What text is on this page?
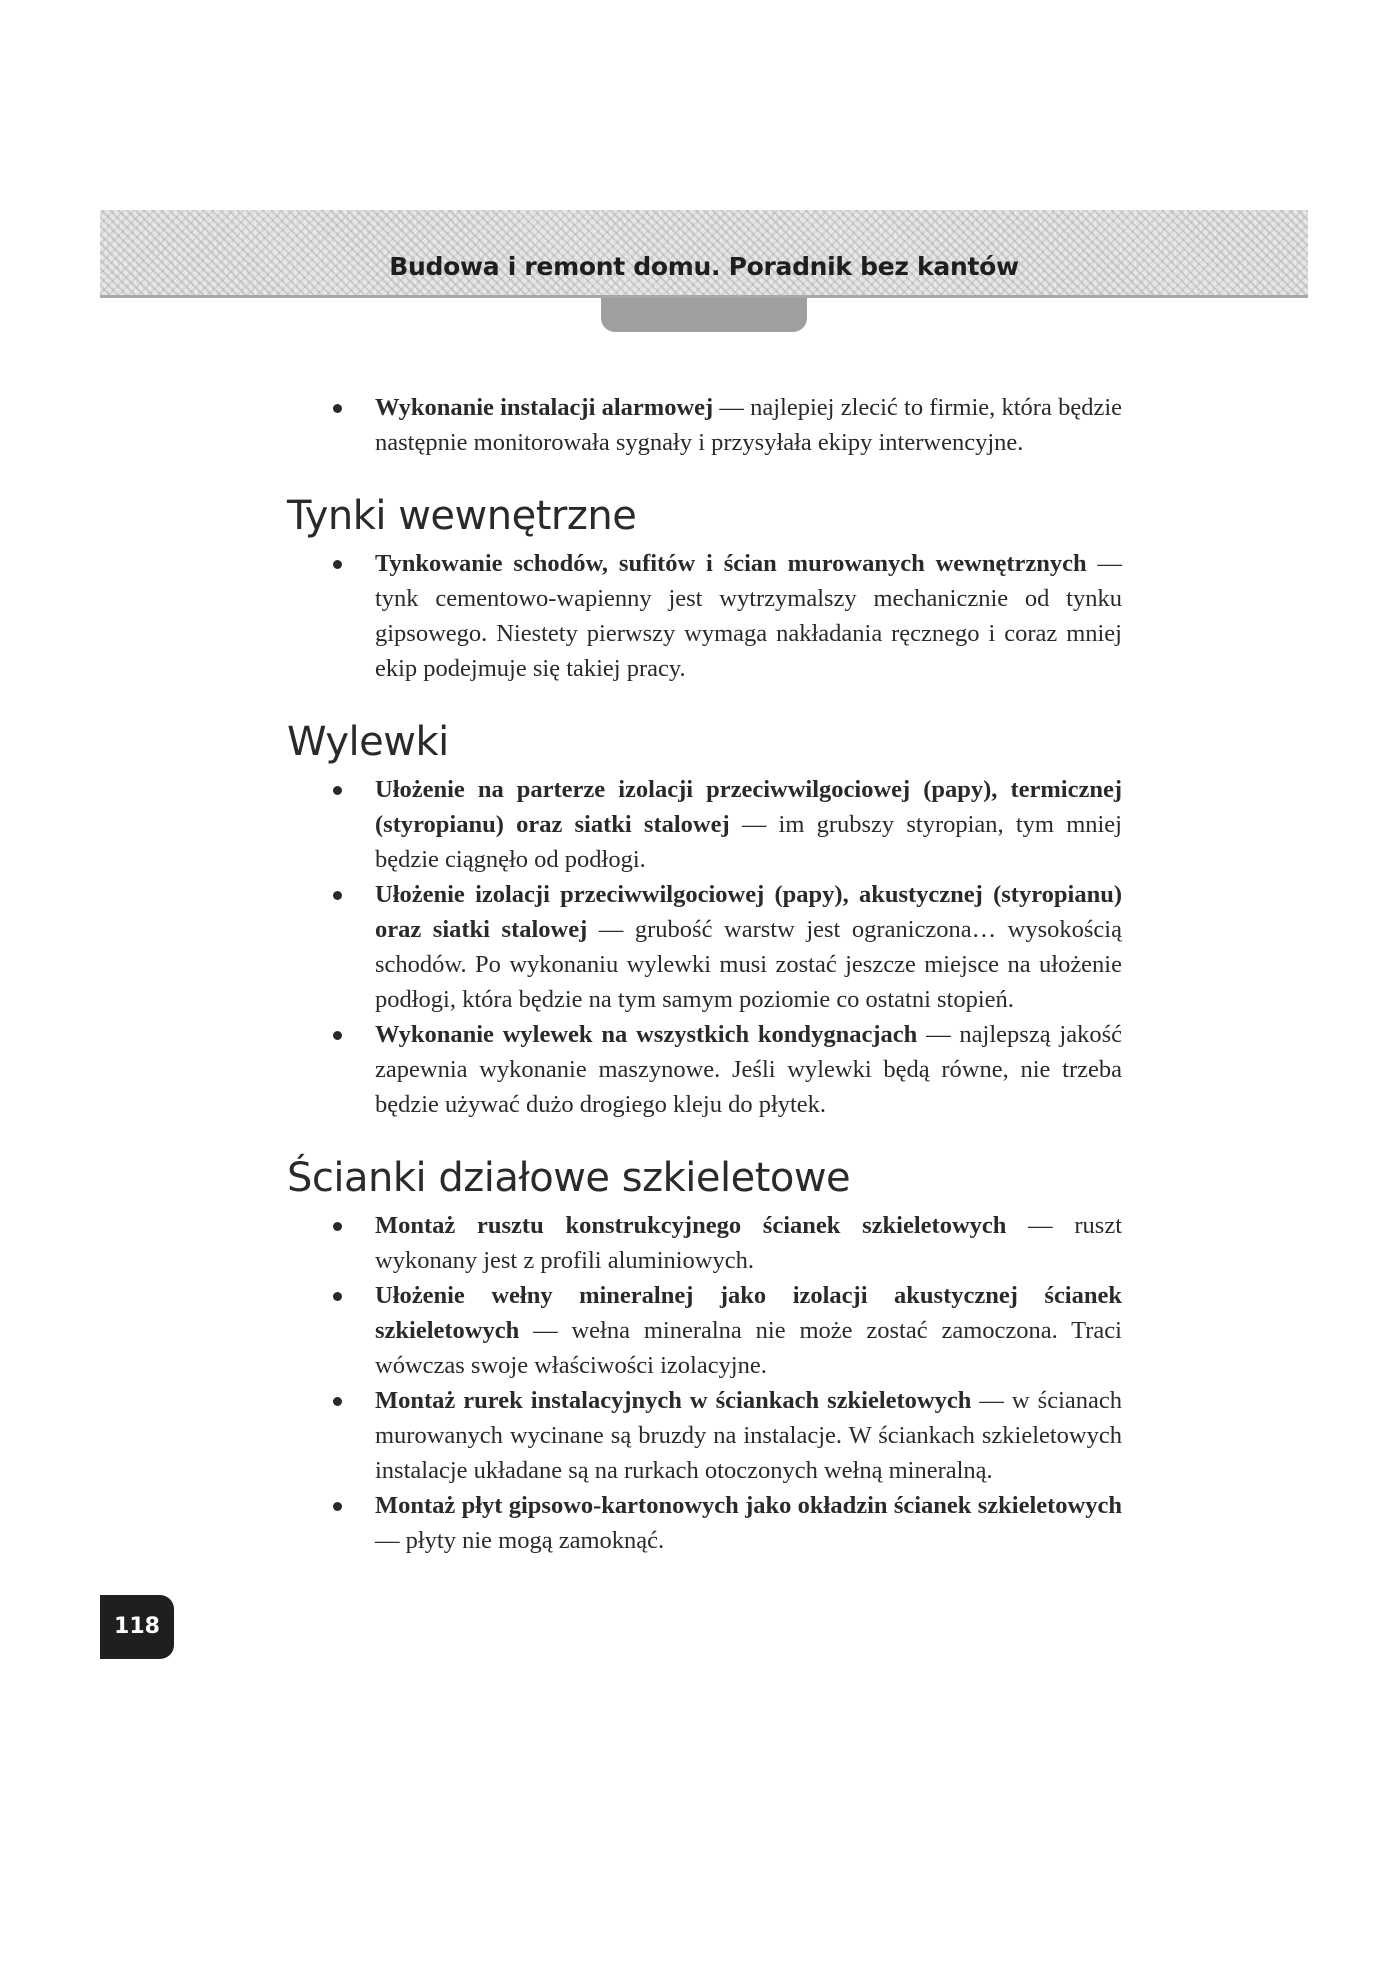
Budowa i remont domu. Poradnik bez kantów
Wykonanie instalacji alarmowej — najlepiej zlecić to firmie, która będzie następnie monitorowała sygnały i przysyłała ekipy interwencyjne.
Tynki wewnętrzne
Tynkowanie schodów, sufitów i ścian murowanych wewnętrznych — tynk cementowo-wapienny jest wytrzymalszy mechanicznie od tynku gipsowego. Niestety pierwszy wymaga nakładania ręcznego i coraz mniej ekip podejmuje się takiej pracy.
Wylewki
Ułożenie na parterze izolacji przeciwwilgociowej (papy), termicznej (styropianu) oraz siatki stalowej — im grubszy styropian, tym mniej będzie ciągnęło od podłogi.
Ułożenie izolacji przeciwwilgociowej (papy), akustycznej (styropianu) oraz siatki stalowej — grubość warstw jest ograniczona… wysokością schodów. Po wykonaniu wylewki musi zostać jeszcze miejsce na ułożenie podłogi, która będzie na tym samym poziomie co ostatni stopień.
Wykonanie wylewek na wszystkich kondygnacjach — najlepszą jakość zapewnia wykonanie maszynowe. Jeśli wylewki będą równe, nie trzeba będzie używać dużo drogiego kleju do płytek.
Ścianki działowe szkieletowe
Montaż rusztu konstrukcyjnego ścianek szkieletowych — ruszt wykonany jest z profili aluminiowych.
Ułożenie wełny mineralnej jako izolacji akustycznej ścianek szkieletowych — wełna mineralna nie może zostać zamoczona. Traci wówczas swoje właściwości izolacyjne.
Montaż rurek instalacyjnych w ściankach szkieletowych — w ścianach murowanych wycinane są bruzdy na instalacje. W ściankach szkieletowych instalacje układane są na rurkach otoczonych wełną mineralną.
Montaż płyt gipsowo-kartonowych jako okładzin ścianek szkieletowych — płyty nie mogą zamoknąć.
118
